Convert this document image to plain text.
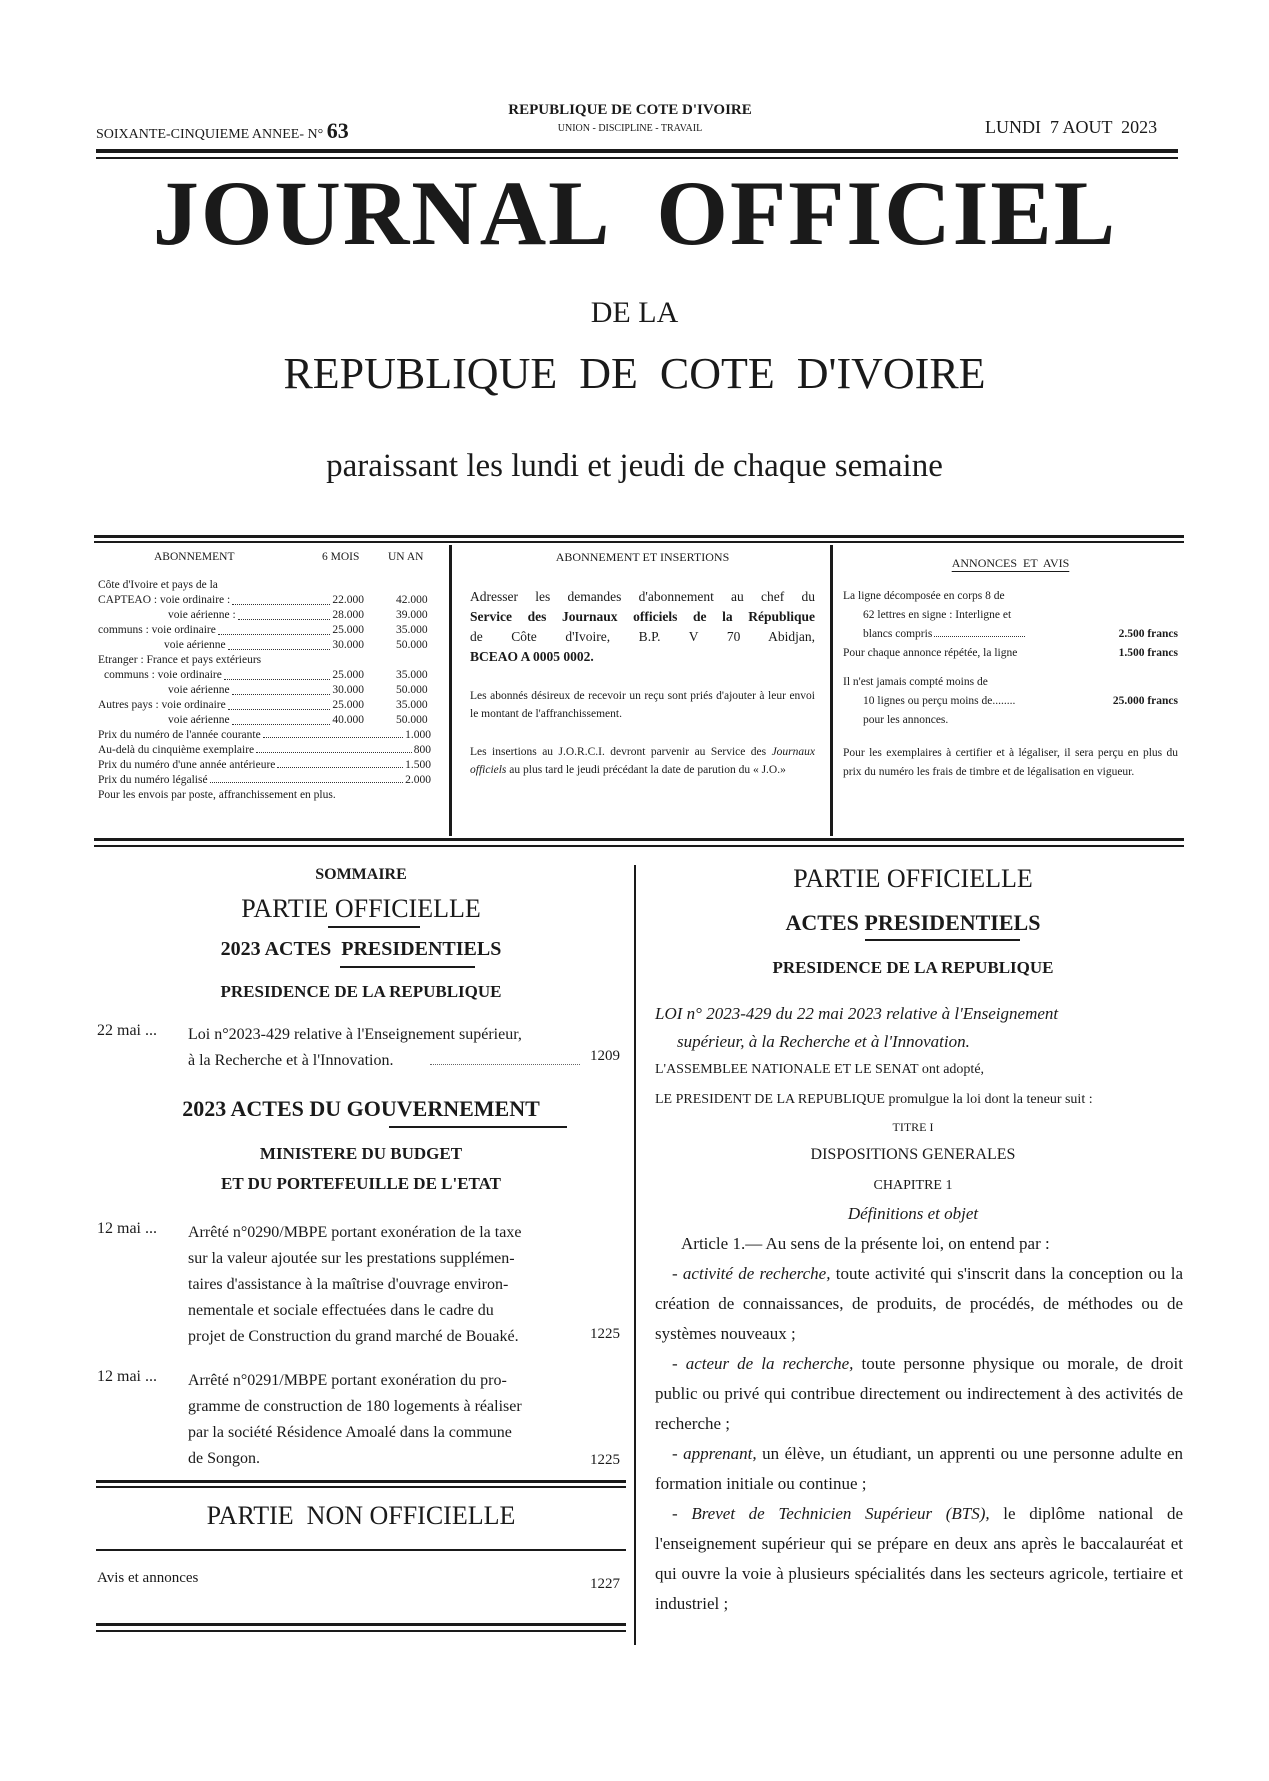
SOIXANTE-CINQUIEME ANNEE- N° 63
REPUBLIQUE DE COTE D'IVOIRE
UNION - DISCIPLINE - TRAVAIL	LUNDI  7 AOUT  2023
JOURNAL  OFFICIEL
DE LA
REPUBLIQUE  DE  COTE  D'IVOIRE
paraissant les lundi et jeudi de chaque semaine
ABONNEMENT	6 MOIS	UN AN
Côte d'Ivoire et pays de la
CAPTEAO : voie ordinaire :	22.000	42.000
voie aérienne :	28.000	39.000
communs : voie ordinaire	25.000	35.000
voie aérienne	30.000	50.000
Etranger : France et pays extérieurs
communs : voie ordinaire	25.000	35.000
voie aérienne	30.000	50.000
Autres pays : voie ordinaire	25.000	35.000
voie aérienne	40.000	50.000
Prix du numéro de l'année courante	1.000
Au-delà du cinquième exemplaire	800
Prix du numéro d'une année antérieure	1.500
Prix du numéro légalisé	2.000
Pour les envois par poste, affranchissement en plus.
ABONNEMENT ET INSERTIONS
Adresser les demandes d'abonnement au chef du
Service des Journaux officiels de la République
de Côte d'Ivoire, B.P. V 70 Abidjan,
BCEAO A 0005 0002.
Les abonnés désireux de recevoir un reçu sont priés d'ajouter à leur envoi le montant de l'affranchissement.
Les insertions au J.O.R.C.I. devront parvenir au Service des Journaux officiels au plus tard le jeudi précédant la date de parution du « J.O.»
ANNONCES  ET  AVIS
La ligne décomposée en corps 8 de
62 lettres en signe : Interligne et
blancs compris	2.500 francs
Pour chaque annonce répétée, la ligne	1.500 francs
Il n'est jamais compté moins de
10 lignes ou perçu moins de........	25.000 francs
pour les annonces.
Pour les exemplaires à certifier et à légaliser, il sera perçu en plus du prix du numéro les frais de timbre et de légalisation en vigueur.
SOMMAIRE
PARTIE OFFICIELLE
2023 ACTES  PRESIDENTIELS
PRESIDENCE DE LA REPUBLIQUE
22 mai ... Loi n°2023-429 relative à l'Enseignement supérieur,
à la Recherche et à l'Innovation.	1209
2023 ACTES DU GOUVERNEMENT
MINISTERE DU BUDGET
ET DU PORTEFEUILLE DE L'ETAT
12 mai ... Arrêté n°0290/MBPE portant exonération de la taxe
sur la valeur ajoutée sur les prestations supplémen-
taires d'assistance à la maîtrise d'ouvrage environ-
nementale et sociale effectuées dans le cadre du
projet de Construction du grand marché de Bouaké.	1225
12 mai ... Arrêté n°0291/MBPE portant exonération du pro-
gramme de construction de 180 logements à réaliser
par la société Résidence Amoalé dans la commune
de Songon.	1225
PARTIE  NON OFFICIELLE
Avis et annonces	1227
PARTIE OFFICIELLE
ACTES PRESIDENTIELS
PRESIDENCE DE LA REPUBLIQUE
LOI n° 2023-429 du 22 mai 2023 relative à l'Enseignement
supérieur, à la Recherche et à l'Innovation.
L'ASSEMBLEE NATIONALE ET LE SENAT ont adopté,
LE PRESIDENT DE LA REPUBLIQUE promulgue la loi dont la teneur suit :
TITRE I
DISPOSITIONS GENERALES
CHAPITRE 1
Définitions et objet
Article 1.— Au sens de la présente loi, on entend par :
- activité de recherche, toute activité qui s'inscrit dans la conception ou la création de connaissances, de produits, de procédés, de méthodes ou de systèmes nouveaux ;
- acteur de la recherche, toute personne physique ou morale, de droit public ou privé qui contribue directement ou indirectement à des activités de recherche ;
- apprenant, un élève, un étudiant, un apprenti ou une personne adulte en formation initiale ou continue ;
- Brevet de Technicien Supérieur (BTS), le diplôme national de l'enseignement supérieur qui se prépare en deux ans après le baccalauréat et qui ouvre la voie à plusieurs spécialités dans les secteurs agricole, tertiaire et industriel ;
